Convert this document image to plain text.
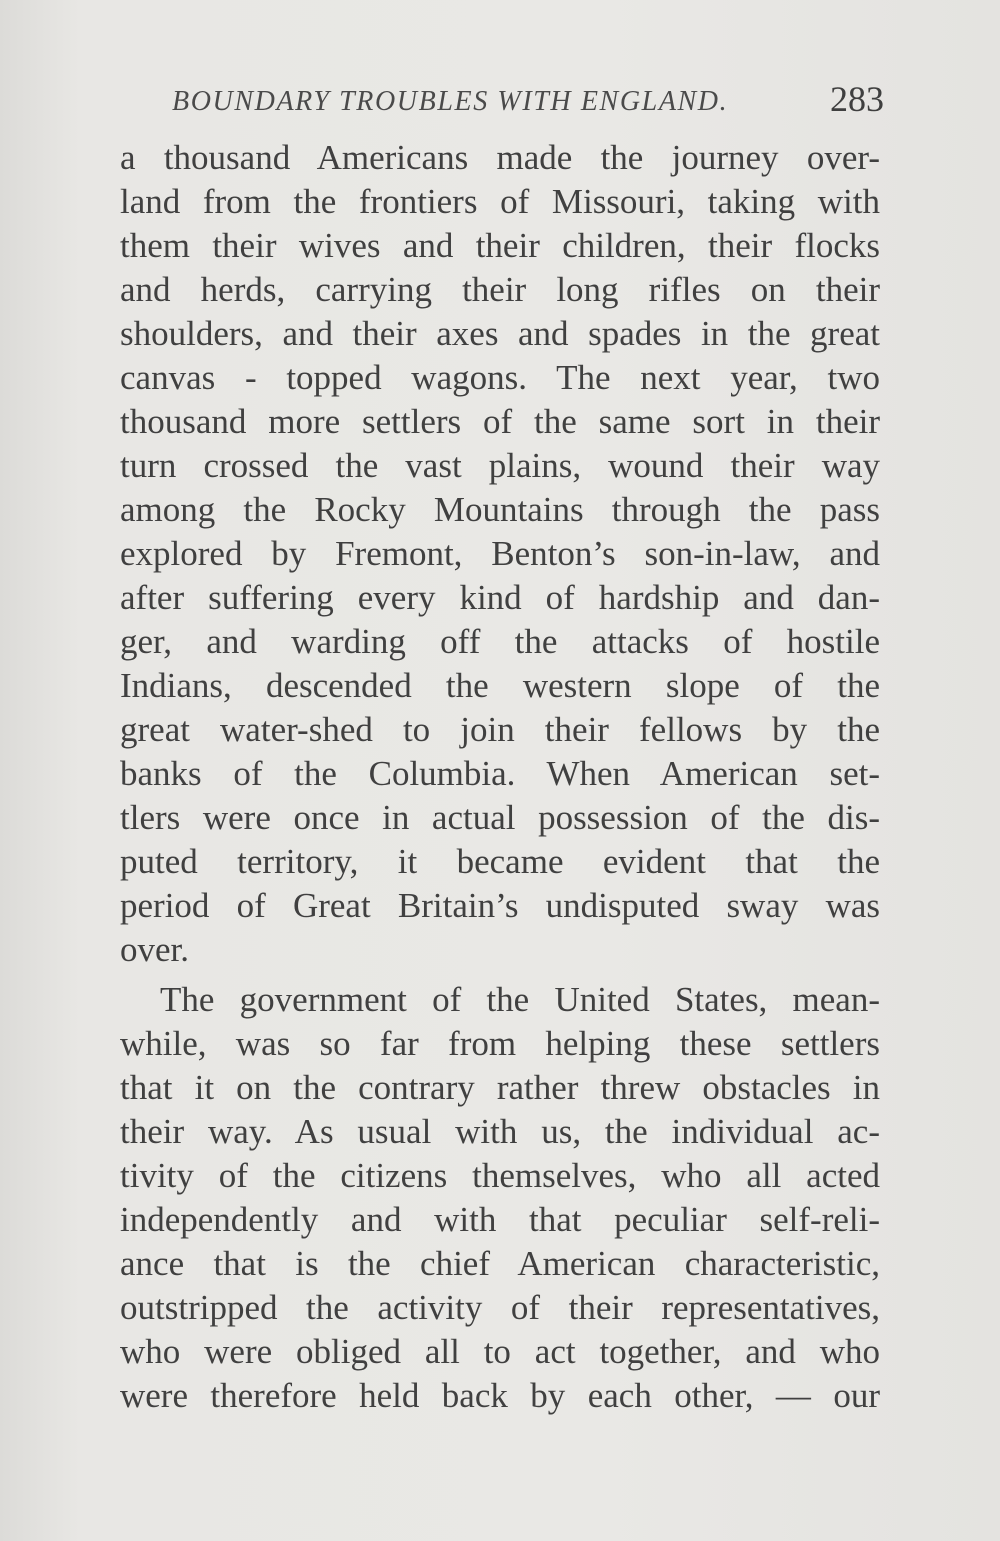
BOUNDARY TROUBLES WITH ENGLAND.	283
a thousand Americans made the journey over-
land from the frontiers of Missouri, taking with
them their wives and their children, their flocks
and herds, carrying their long rifles on their
shoulders, and their axes and spades in the great
canvas - topped wagons. The next year, two
thousand more settlers of the same sort in their
turn crossed the vast plains, wound their way
among the Rocky Mountains through the pass
explored by Fremont, Benton’s son-in-law, and
after suffering every kind of hardship and dan-
ger, and warding off the attacks of hostile
Indians, descended the western slope of the
great water-shed to join their fellows by the
banks of the Columbia. When American set-
tlers were once in actual possession of the dis-
puted territory, it became evident that the
period of Great Britain’s undisputed sway was
over.
The government of the United States, mean-
while, was so far from helping these settlers
that it on the contrary rather threw obstacles in
their way. As usual with us, the individual ac-
tivity of the citizens themselves, who all acted
independently and with that peculiar self-reli-
ance that is the chief American characteristic,
outstripped the activity of their representatives,
who were obliged all to act together, and who
were therefore held back by each other, — our
